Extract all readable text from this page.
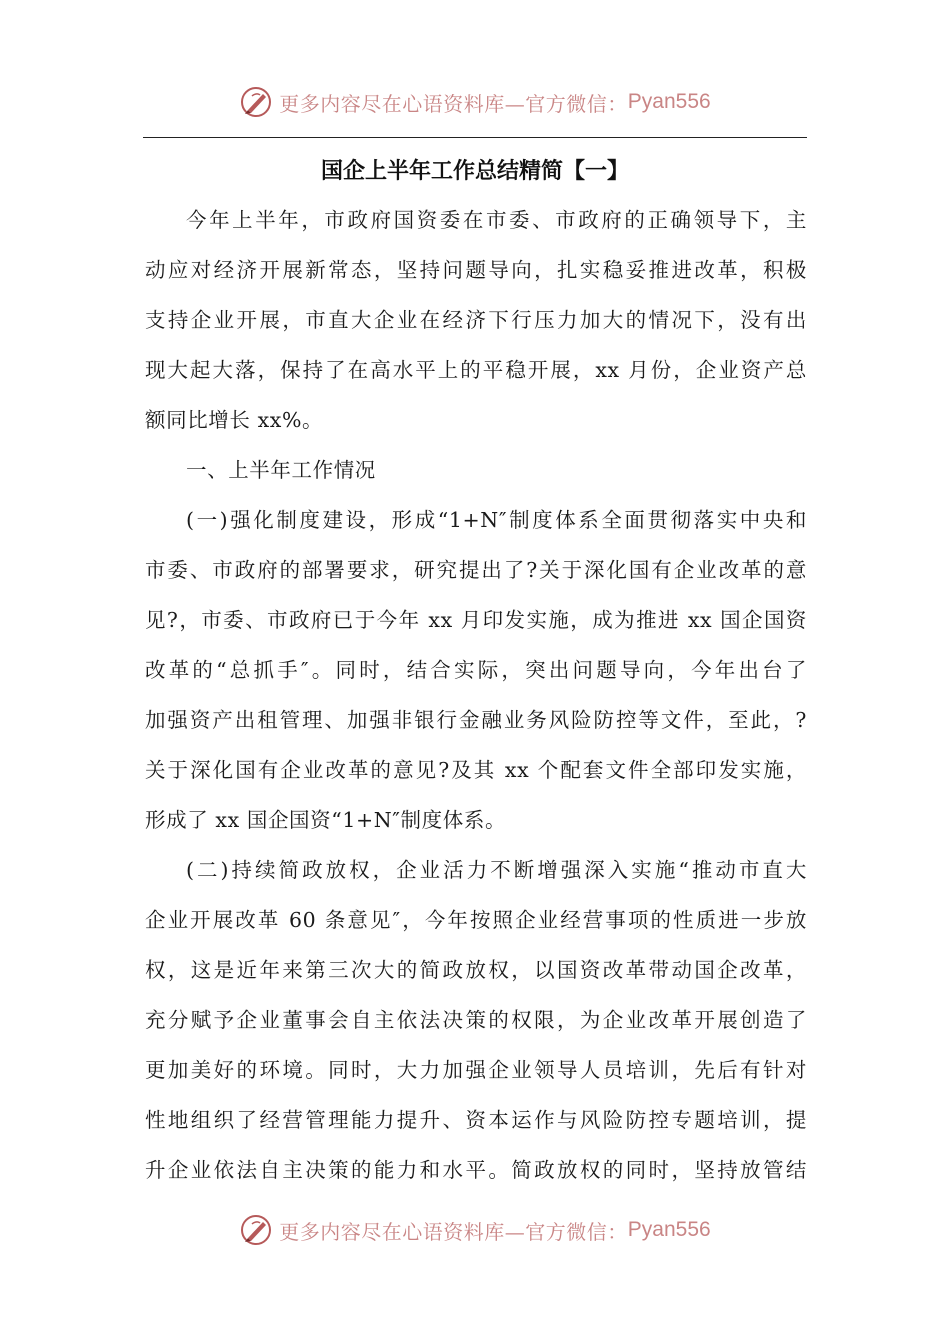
更多内容尽在心语资料库—官方微信： Pyan556
国企上半年工作总结精简【一】

今年上半年，市政府国资委在市委、市政府的正确领导下，主

动应对经济开展新常态，坚持问题导向，扎实稳妥推进改革，积极

支持企业开展，市直大企业在经济下行压力加大的情况下，没有出

现大起大落，保持了在高水平上的平稳开展，xx 月份，企业资产总

额同比增长 xx%。

一、上半年工作情况

(一)强化制度建设，形成“1+N″制度体系全面贯彻落实中央和

市委、市政府的部署要求，研究提出了?关于深化国有企业改革的意

见?，市委、市政府已于今年 xx 月印发实施，成为推进 xx 国企国资

改革的“总抓手″。同时，结合实际，突出问题导向，今年出台了

加强资产出租管理、加强非银行金融业务风险防控等文件，至此，?

关于深化国有企业改革的意见?及其 xx 个配套文件全部印发实施，

形成了 xx 国企国资“1+N″制度体系。

(二)持续简政放权，企业活力不断增强深入实施“推动市直大

企业开展改革 60 条意见″，今年按照企业经营事项的性质进一步放

权，这是近年来第三次大的简政放权，以国资改革带动国企改革，

充分赋予企业董事会自主依法决策的权限，为企业改革开展创造了

更加美好的环境。同时，大力加强企业领导人员培训，先后有针对

性地组织了经营管理能力提升、资本运作与风险防控专题培训，提

升企业依法自主决策的能力和水平。简政放权的同时，坚持放管结

更多内容尽在心语资料库—官方微信： Pyan556
